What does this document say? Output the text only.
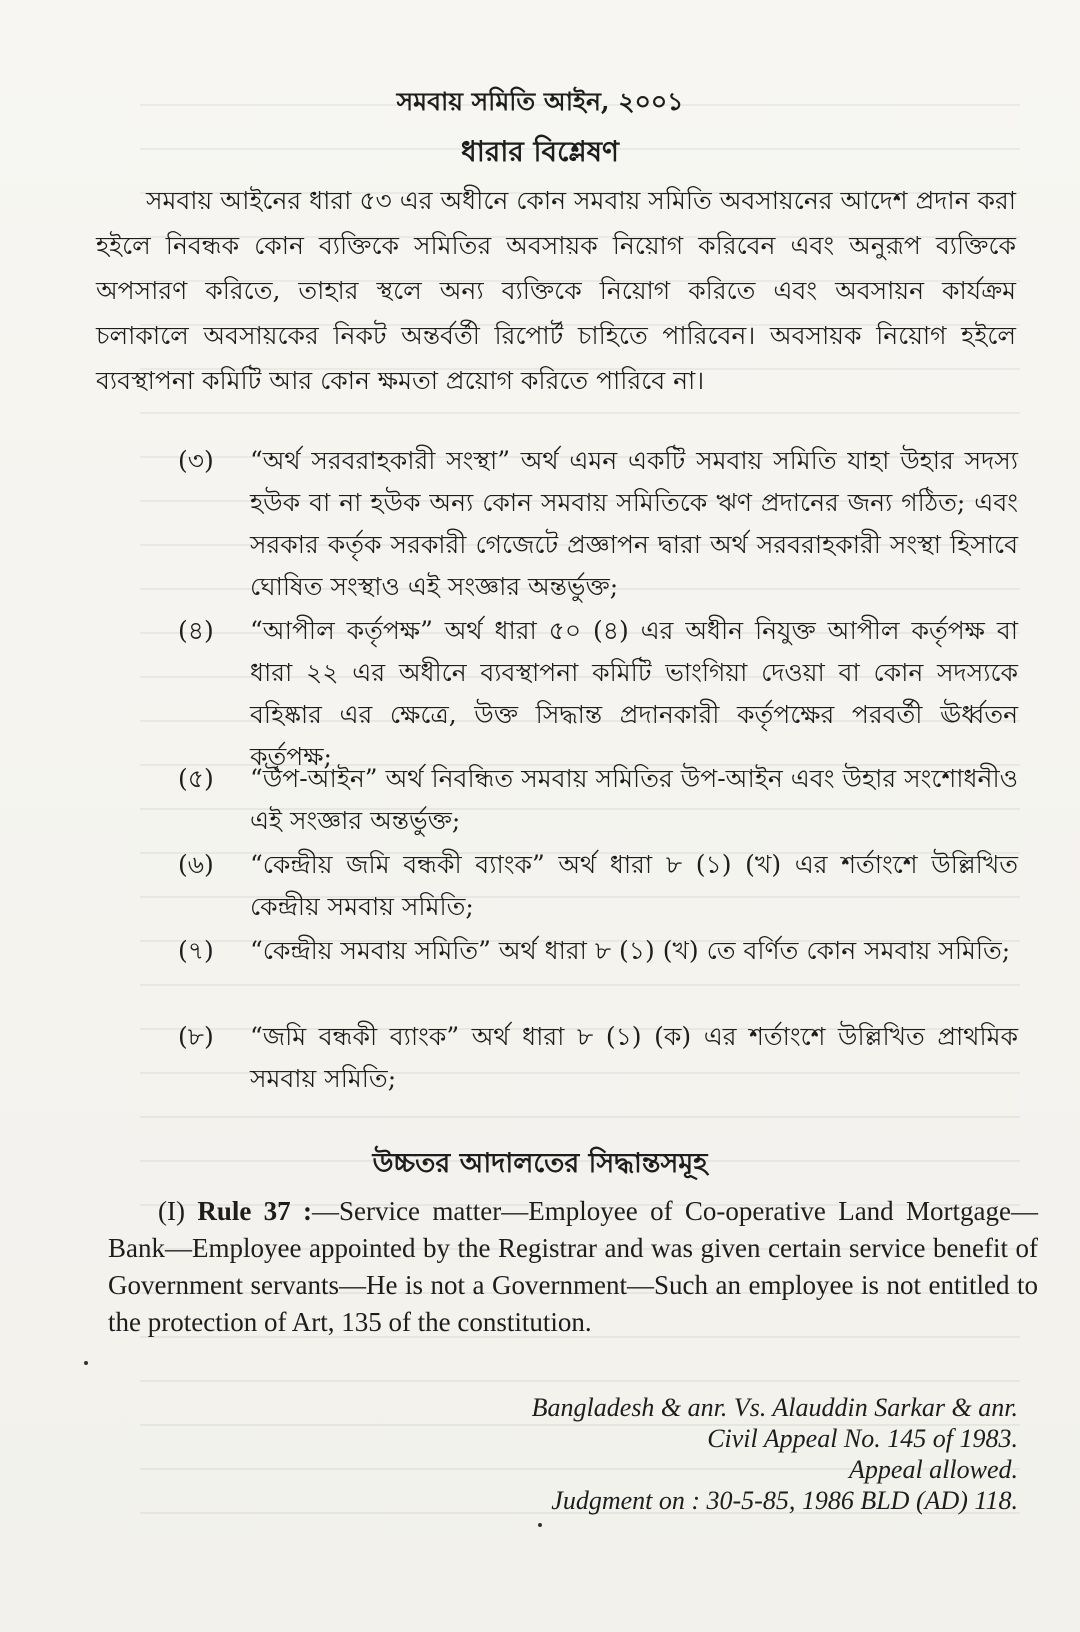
সমবায় সমিতি আইন, ২০০১
ধারার বিশ্লেষণ

সমবায় আইনের ধারা ৫৩ এর অধীনে কোন সমবায় সমিতি অবসায়নের আদেশ প্রদান করা হইলে নিবন্ধক কোন ব্যক্তিকে সমিতির অবসায়ক নিয়োগ করিবেন এবং অনুরূপ ব্যক্তিকে অপসারণ করিতে, তাহার স্থলে অন্য ব্যক্তিকে নিয়োগ করিতে এবং অবসায়ন কার্যক্রম চলাকালে অবসায়কের নিকট অন্তর্বর্তী রিপোর্ট চাহিতে পারিবেন। অবসায়ক নিয়োগ হইলে ব্যবস্থাপনা কমিটি আর কোন ক্ষমতা প্রয়োগ করিতে পারিবে না।

(৩)	“অর্থ সরবরাহকারী সংস্থা” অর্থ এমন একটি সমবায় সমিতি যাহা উহার সদস্য হউক বা না হউক অন্য কোন সমবায় সমিতিকে ঋণ প্রদানের জন্য গঠিত; এবং সরকার কর্তৃক সরকারী গেজেটে প্রজ্ঞাপন দ্বারা অর্থ সরবরাহকারী সংস্থা হিসাবে ঘোষিত সংস্থাও এই সংজ্ঞার অন্তর্ভুক্ত;
(৪)	“আপীল কর্তৃপক্ষ” অর্থ ধারা ৫০ (৪) এর অধীন নিযুক্ত আপীল কর্তৃপক্ষ বা ধারা ২২ এর অধীনে ব্যবস্থাপনা কমিটি ভাংগিয়া দেওয়া বা কোন সদস্যকে বহিষ্কার এর ক্ষেত্রে, উক্ত সিদ্ধান্ত প্রদানকারী কর্তৃপক্ষের পরবর্তী ঊর্ধ্বতন কর্তৃপক্ষ;
(৫)	“উপ-আইন” অর্থ নিবন্ধিত সমবায় সমিতির উপ-আইন এবং উহার সংশোধনীও এই সংজ্ঞার অন্তর্ভুক্ত;
(৬)	“কেন্দ্রীয় জমি বন্ধকী ব্যাংক” অর্থ ধারা ৮ (১) (খ) এর শর্তাংশে উল্লিখিত কেন্দ্রীয় সমবায় সমিতি;
(৭)	“কেন্দ্রীয় সমবায় সমিতি” অর্থ ধারা ৮ (১) (খ) তে বর্ণিত কোন সমবায় সমিতি;
(৮)	“জমি বন্ধকী ব্যাংক” অর্থ ধারা ৮ (১) (ক) এর শর্তাংশে উল্লিখিত প্রাথমিক সমবায় সমিতি;
উচ্চতর আদালতের সিদ্ধান্তসমূহ

(I) Rule 37 :—Service matter—Employee of Co-operative Land Mortgage—Bank—Employee appointed by the Registrar and was given certain service benefit of Government servants—He is not a Government—Such an employee is not entitled to the protection of Art, 135 of the constitution.

Bangladesh & anr. Vs. Alauddin Sarkar & anr.
Civil Appeal No. 145 of 1983.
Appeal allowed.
Judgment on : 30-5-85, 1986 BLD (AD) 118.
